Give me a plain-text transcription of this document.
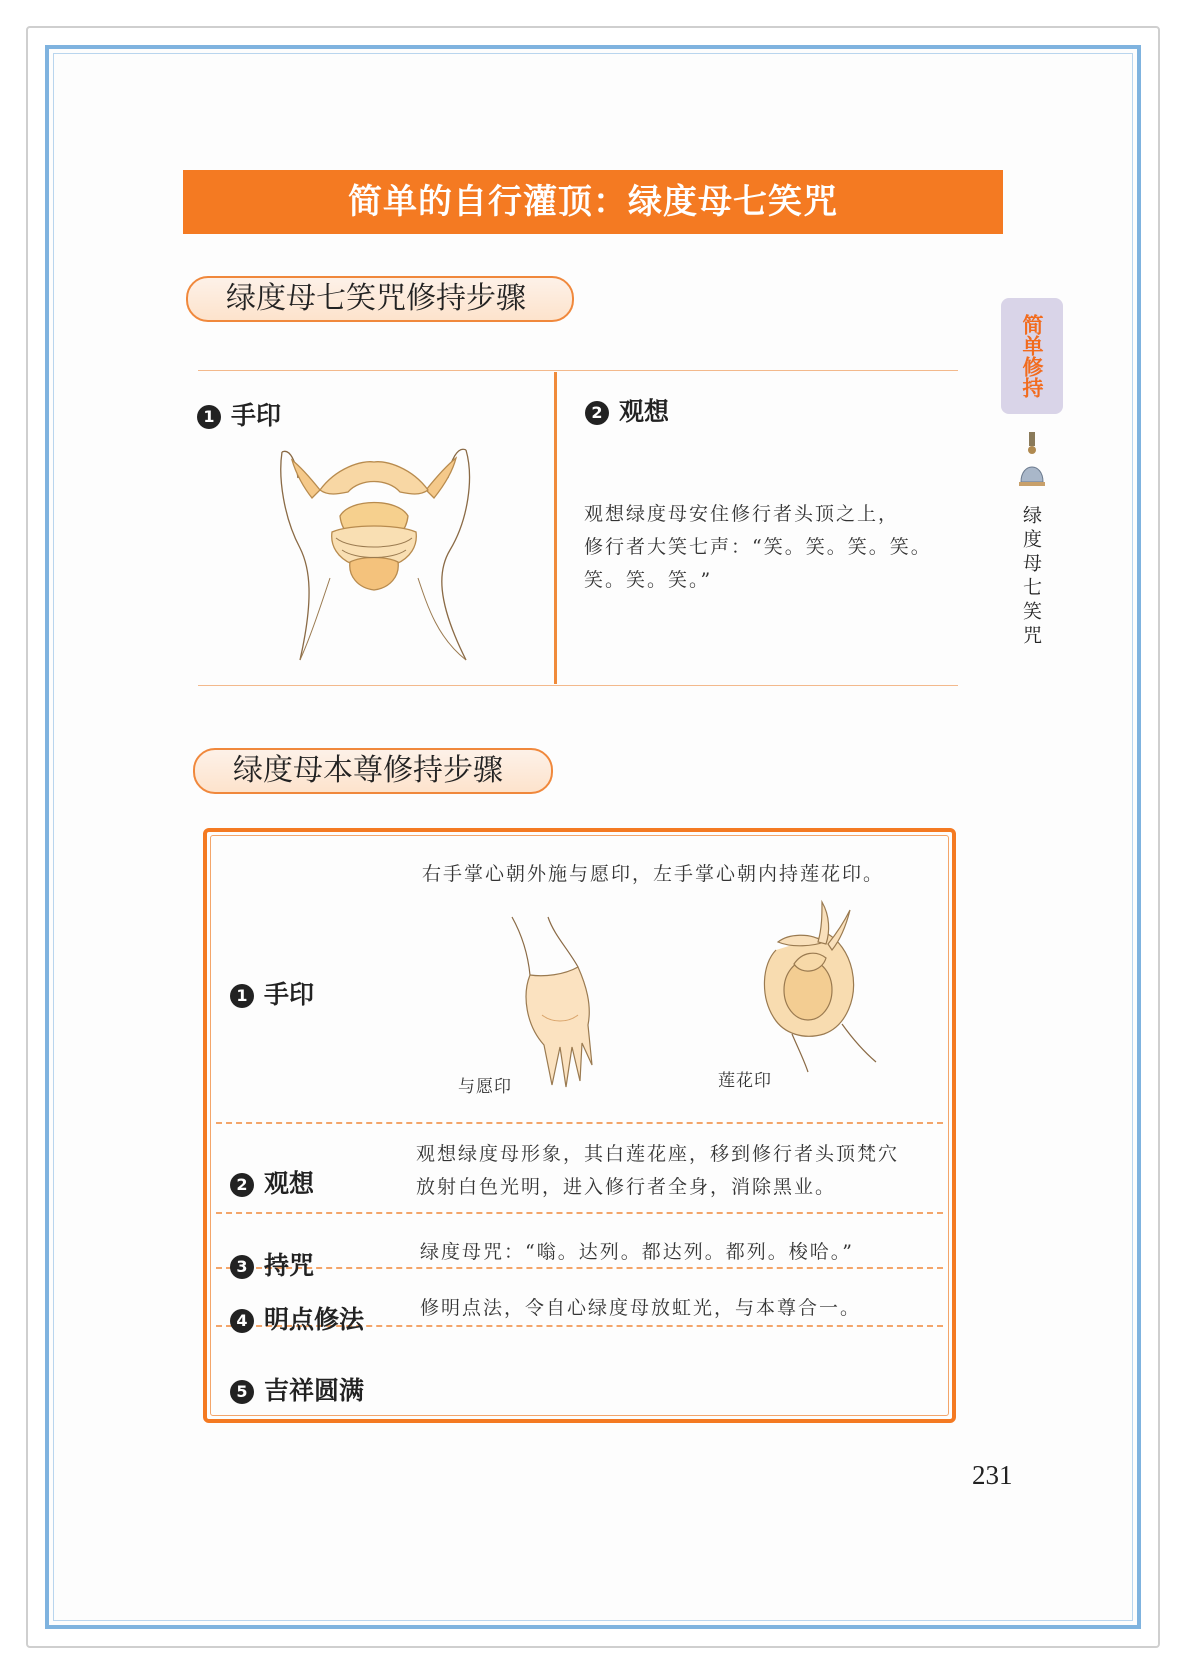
简单的自行灌顶：绿度母七笑咒
绿度母七笑咒修持步骤
1 手印	2 观想
观想绿度母安住修行者头顶之上，
修行者大笑七声：“笑。笑。笑。笑。
笑。笑。笑。”
简单修持
绿度母七笑咒
绿度母本尊修持步骤
1 手印
右手掌心朝外施与愿印，左手掌心朝内持莲花印。
与愿印	莲花印
2 观想
观想绿度母形象，其白莲花座，移到修行者头顶梵穴
放射白色光明，进入修行者全身，消除黑业。
3 持咒	绿度母咒：“嗡。达列。都达列。都列。梭哈。”
4 明点修法	修明点法，令自心绿度母放虹光，与本尊合一。
5 吉祥圆满
231
